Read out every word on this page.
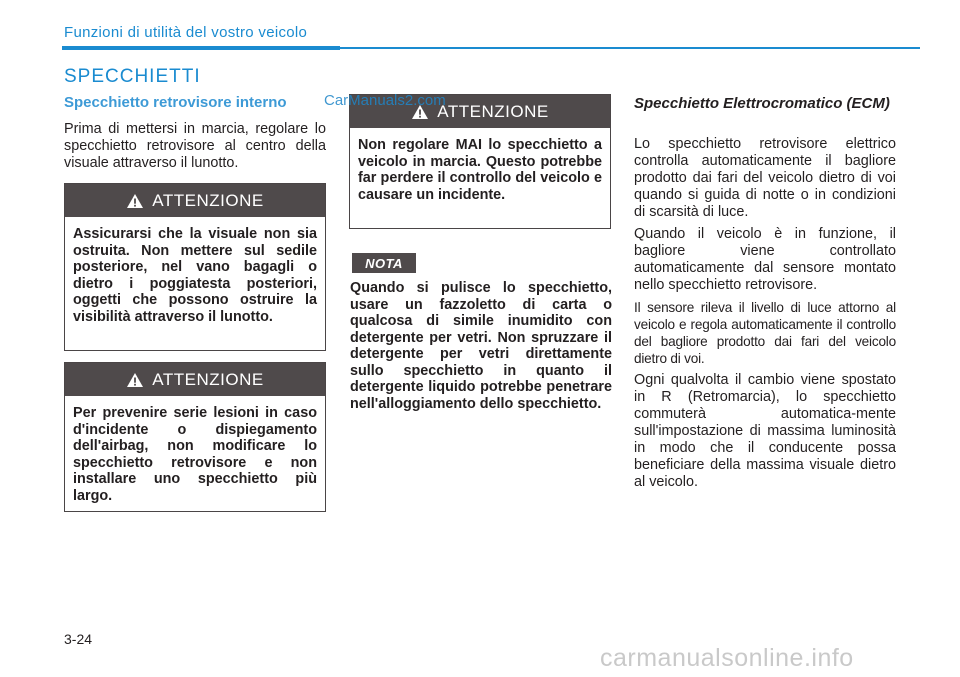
Funzioni di utilità del vostro veicolo
SPECCHIETTI
Specchietto retrovisore interno CarManuals2.com
Prima di mettersi in marcia, regolare lo specchietto retrovisore al centro della visuale attraverso il lunotto.
ATTENZIONE
Assicurarsi che la visuale non sia ostruita. Non mettere sul sedile posteriore, nel vano bagagli o dietro i poggiatesta posteriori, oggetti che possono ostruire la visibilità attraverso il lunotto.
ATTENZIONE
Per prevenire serie lesioni in caso d'incidente o dispiegamento dell'airbag, non modificare lo specchietto retrovisore e non installare uno specchietto più largo.
ATTENZIONE
Non regolare MAI lo specchietto a veicolo in marcia. Questo potrebbe far perdere il controllo del veicolo e causare un incidente.
NOTA
Quando si pulisce lo specchietto, usare un fazzoletto di carta o qualcosa di simile inumidito con detergente per vetri. Non spruzzare il detergente per vetri direttamente sullo specchietto in quanto il detergente liquido potrebbe penetrare nell'alloggiamento dello specchietto.
Specchietto Elettrocromatico (ECM)

Lo specchietto retrovisore elettrico controlla automaticamente il bagliore prodotto dai fari del veicolo dietro di voi quando si guida di notte o in condizioni di scarsità di luce.

Quando il veicolo è in funzione, il bagliore viene controllato automaticamente dal sensore montato nello specchietto retrovisore.

Il sensore rileva il livello di luce attorno al veicolo e regola automaticamente il controllo del bagliore prodotto dai fari del veicolo dietro di voi.

Ogni qualvolta il cambio viene spostato in R (Retromarcia), lo specchietto commuterà automatica-mente sull'impostazione di massima luminosità in modo che il conducente possa beneficiare della massima visuale dietro al veicolo.

3-24
carmanualsonline.info
